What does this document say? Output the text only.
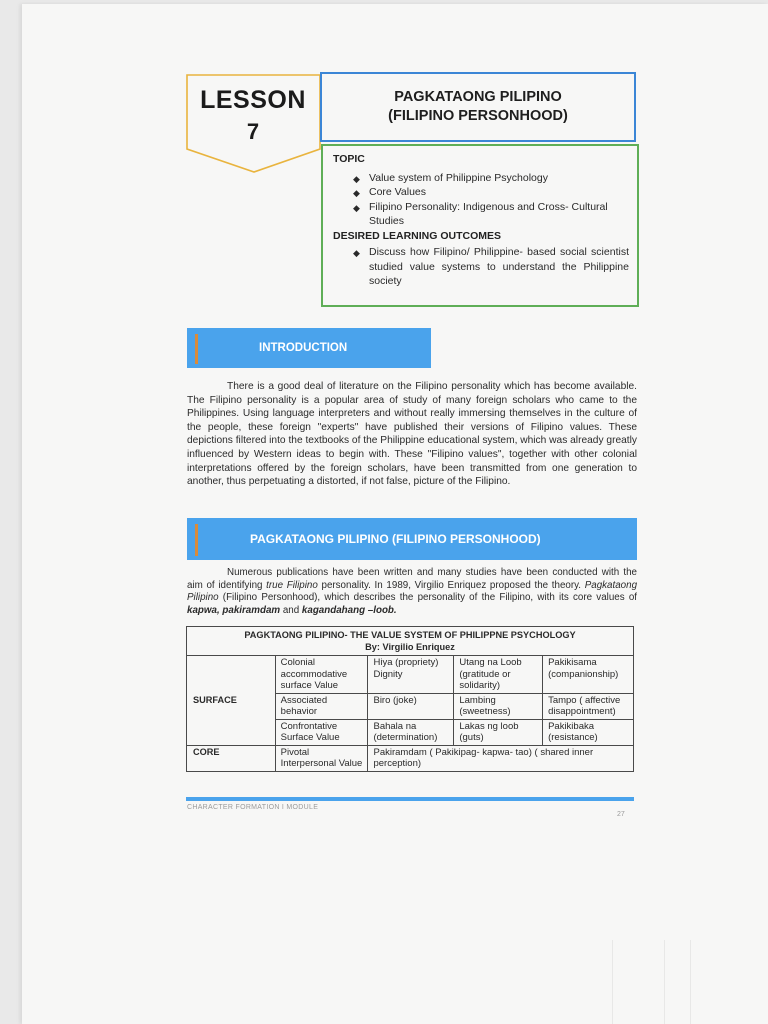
LESSON
7
PAGKATAONG PILIPINO
(FILIPINO PERSONHOOD)
TOPIC
◆ Value system of Philippine Psychology
◆ Core Values
◆ Filipino Personality: Indigenous and Cross- Cultural Studies
DESIRED LEARNING OUTCOMES
◆ Discuss how Filipino/ Philippine- based social scientist studied value systems to understand the Philippine society
INTRODUCTION
There is a good deal of literature on the Filipino personality which has become available. The Filipino personality is a popular area of study of many foreign scholars who came to the Philippines. Using language interpreters and without really immersing themselves in the culture of the people, these foreign "experts" have published their versions of Filipino values. These depictions filtered into the textbooks of the Philippine educational system, which was already greatly influenced by Western ideas to begin with. These "Filipino values", together with other colonial interpretations offered by the foreign scholars, have been transmitted from one generation to another, thus perpetuating a distorted, if not false, picture of the Filipino.
PAGKATAONG PILIPINO (FILIPINO PERSONHOOD)
Numerous publications have been written and many studies have been conducted with the aim of identifying true Filipino personality. In 1989, Virgilio Enriquez proposed the theory. Pagkataong Pilipino (Filipino Personhood), which describes the personality of the Filipino, with its core values of kapwa, pakiramdam and kagandahang –loob.
PAGKTAONG PILIPINO- THE VALUE SYSTEM OF PHILIPPNE PSYCHOLOGY
By: Virgilio Enriquez				

SURFACE	Colonial accommodative surface Value	Hiya (propriety) Dignity	Utang na Loob (gratitude or solidarity)	Pakikisama (companionship)
	Associated behavior	Biro (joke)	Lambing (sweetness)	Tampo ( affective disappointment)
	Confrontative Surface Value	Bahala na (determination)	Lakas ng loob (guts)	Pakikibaka (resistance)
CORE	Pivotal Interpersonal Value	Pakiramdam ( Pakikipag- kapwa- tao) ( shared inner perception)		
CHARACTER FORMATION I MODULE
27
